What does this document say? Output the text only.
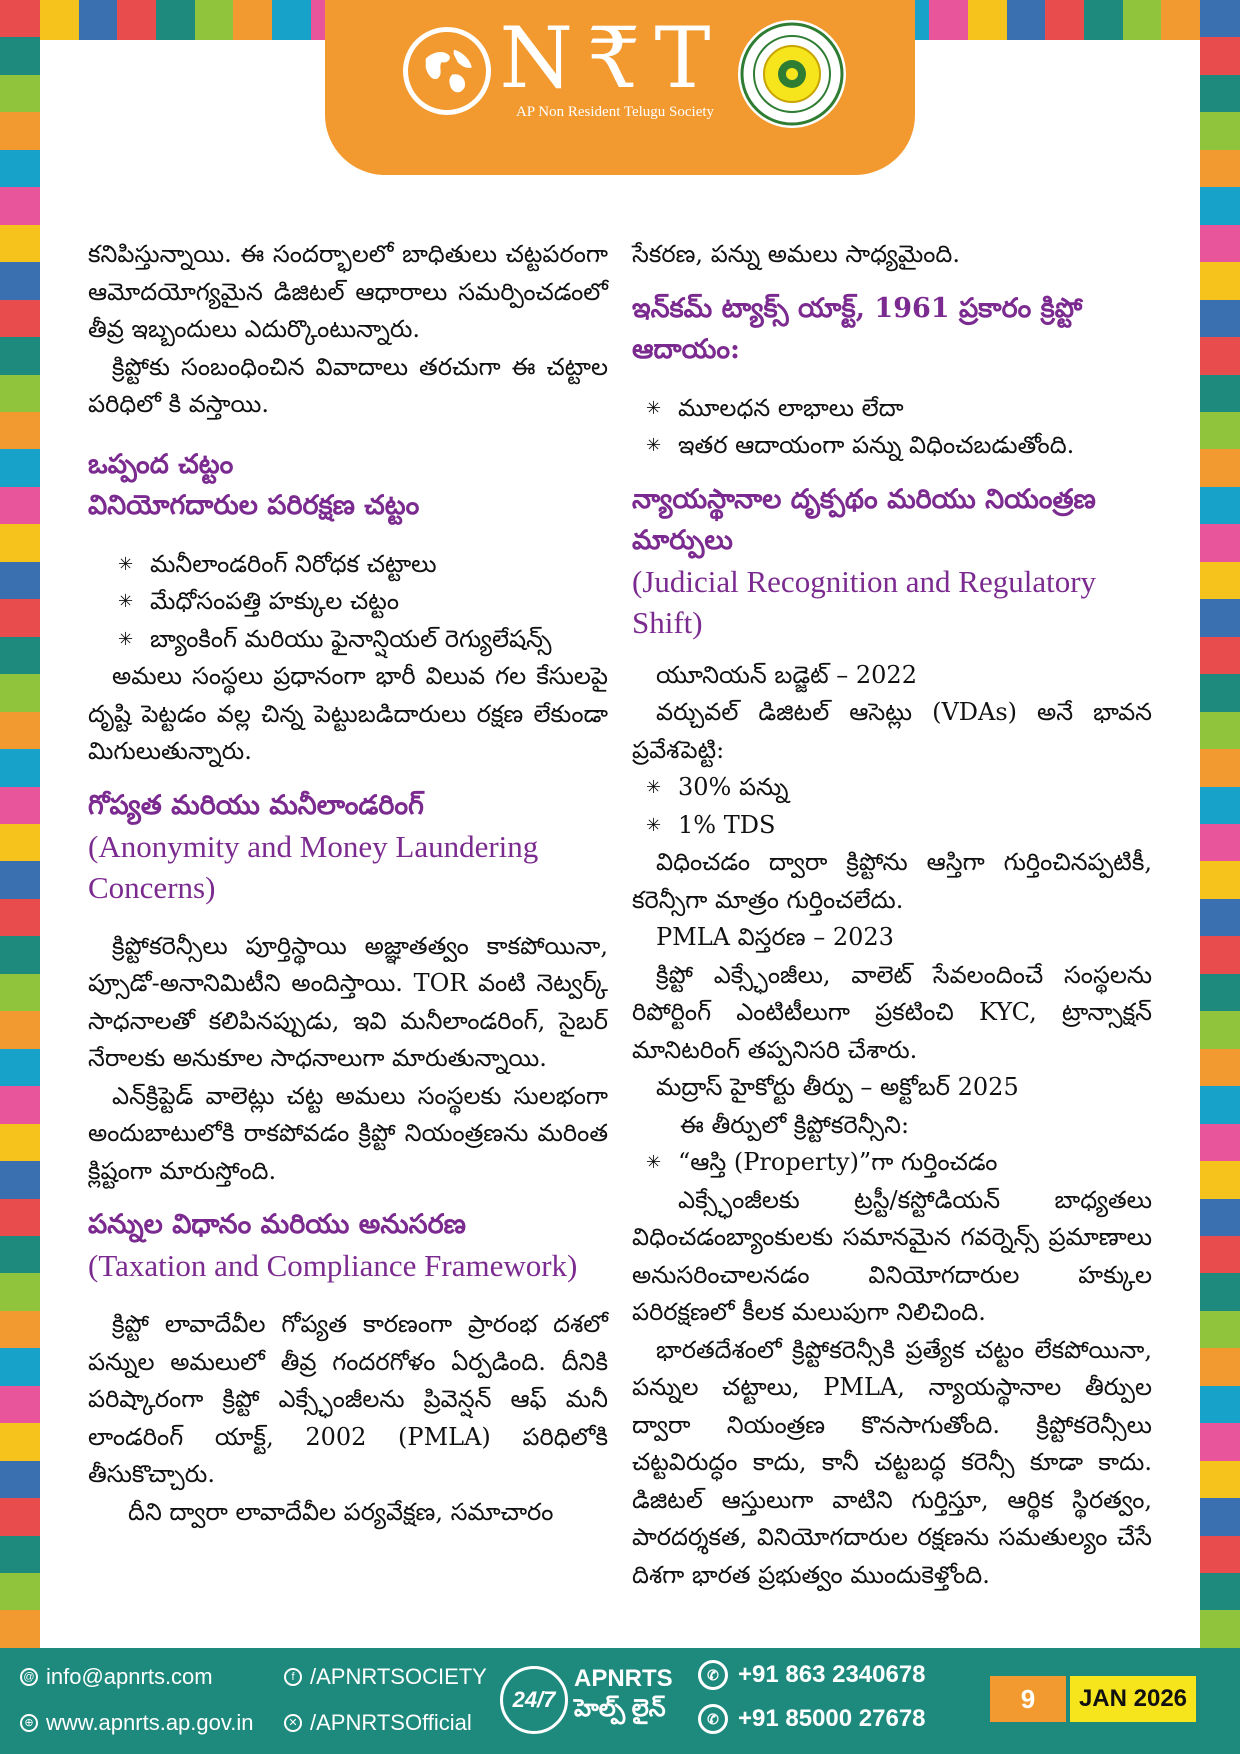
N₹T
AP Non Resident Telugu Society

కనిపిస్తున్నాయి. ఈ సందర్భాలలో బాధితులు చట్టపరంగా ఆమోదయోగ్యమైన డిజిటల్ ఆధారాలు సమర్పించడంలో తీవ్ర ఇబ్బందులు ఎదుర్కొంటున్నారు.

క్రిప్టోకు సంబంధించిన వివాదాలు తరచుగా ఈ చట్టాల పరిధిలో కి వస్తాయి.

ఒప్పంద చట్టం
వినియోగదారుల పరిరక్షణ చట్టం
✳ మనీలాండరింగ్ నిరోధక చట్టాలు
✳ మేధోసంపత్తి హక్కుల చట్టం
✳ బ్యాంకింగ్ మరియు ఫైనాన్షియల్ రెగ్యులేషన్స్

అమలు సంస్థలు ప్రధానంగా భారీ విలువ గల కేసులపై దృష్టి పెట్టడం వల్ల చిన్న పెట్టుబడిదారులు రక్షణ లేకుండా మిగులుతున్నారు.

గోప్యత మరియు మనీలాండరింగ్
(Anonymity and Money Laundering Concerns)

క్రిప్టోకరెన్సీలు పూర్తిస్థాయి అజ్ఞాతత్వం కాకపోయినా, ప్సూడో-అనానిమిటీని అందిస్తాయి. TOR వంటి నెట్వర్క్ సాధనాలతో కలిపినప్పుడు, ఇవి మనీలాండరింగ్, సైబర్ నేరాలకు అనుకూల సాధనాలుగా మారుతున్నాయి.

ఎన్‌క్రిప్టెడ్ వాలెట్లు చట్ట అమలు సంస్థలకు సులభంగా అందుబాటులోకి రాకపోవడం క్రిప్టో నియంత్రణను మరింత క్లిష్టంగా మారుస్తోంది.

పన్నుల విధానం మరియు అనుసరణ
(Taxation and Compliance Framework)

క్రిప్టో లావాదేవీల గోప్యత కారణంగా ప్రారంభ దశలో పన్నుల అమలులో తీవ్ర గందరగోళం ఏర్పడింది. దీనికి పరిష్కారంగా క్రిప్టో ఎక్స్ఛేంజీలను ప్రివెన్షన్ ఆఫ్ మనీ లాండరింగ్ యాక్ట్, 2002 (PMLA) పరిధిలోకి తీసుకొచ్చారు.

దీని ద్వారా లావాదేవీల పర్యవేక్షణ, సమాచారం

సేకరణ, పన్ను అమలు సాధ్యమైంది.

ఇన్‌కమ్ ట్యాక్స్ యాక్ట్, 1961 ప్రకారం క్రిప్టో ఆదాయం:
✳ మూలధన లాభాలు లేదా
✳ ఇతర ఆదాయంగా పన్ను విధించబడుతోంది.
న్యాయస్థానాల దృక్పథం మరియు నియంత్రణ మార్పులు
(Judicial Recognition and Regulatory Shift)

యూనియన్ బడ్జెట్ – 2022

వర్చువల్ డిజిటల్ ఆసెట్లు (VDAs) అనే భావన ప్రవేశపెట్టి:

✳ 30% పన్ను
✳ 1% TDS

విధించడం ద్వారా క్రిప్టోను ఆస్తిగా గుర్తించినప్పటికీ, కరెన్సీగా మాత్రం గుర్తించలేదు.

PMLA విస్తరణ – 2023

క్రిప్టో ఎక్స్ఛేంజీలు, వాలెట్ సేవలందించే సంస్థలను రిపోర్టింగ్ ఎంటిటీలుగా ప్రకటించి KYC, ట్రాన్సాక్షన్ మానిటరింగ్ తప్పనిసరి చేశారు.

మద్రాస్ హైకోర్టు తీర్పు – అక్టోబర్ 2025

ఈ తీర్పులో క్రిప్టోకరెన్సీని:

✳ “ఆస్తి (Property)”గా గుర్తించడం

ఎక్స్ఛేంజీలకు ట్రస్టీ/కస్టోడియన్ బాధ్యతలు విధించడంబ్యాంకులకు సమానమైన గవర్నెన్స్ ప్రమాణాలు అనుసరించాలనడం వినియోగదారుల హక్కుల పరిరక్షణలో కీలక మలుపుగా నిలిచింది.

భారతదేశంలో క్రిప్టోకరెన్సీకి ప్రత్యేక చట్టం లేకపోయినా, పన్నుల చట్టాలు, PMLA, న్యాయస్థానాల తీర్పుల ద్వారా నియంత్రణ కొనసాగుతోంది. క్రిప్టోకరెన్సీలు చట్టవిరుద్ధం కాదు, కానీ చట్టబద్ధ కరెన్సీ కూడా కాదు. డిజిటల్ ఆస్తులుగా వాటిని గుర్తిస్తూ, ఆర్థిక స్థిరత్వం, పారదర్శకత, వినియోగదారుల రక్షణను సమతుల్యం చేసే దిశగా భారత ప్రభుత్వం ముందుకెళ్తోంది.

@ info@apnrts.com
⊕ www.apnrts.ap.gov.in
f /APNRTSOCIETY
✕ /APNRTSOfficial
24/7
APNRTS
హెల్ప్ లైన్
✆ +91 863 2340678
✆ +91 85000 27678
9	JAN 2026
